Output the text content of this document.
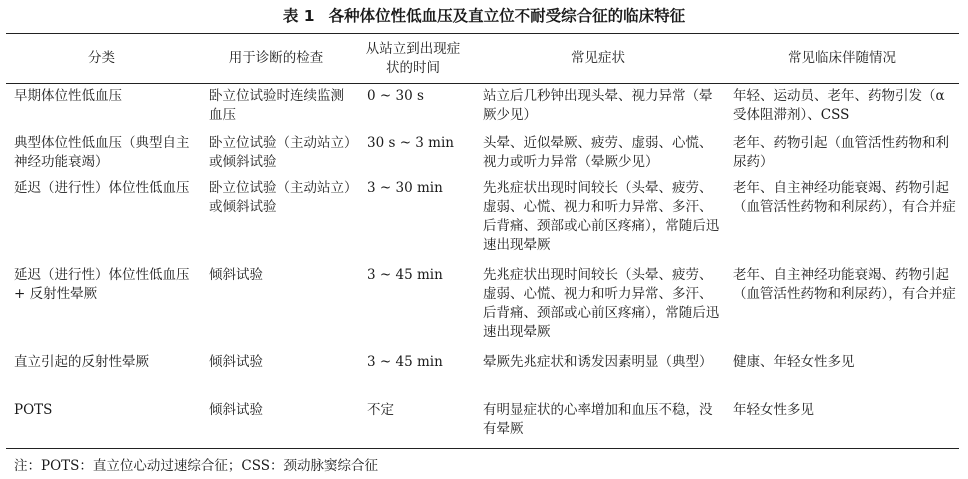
表 1 各种体位性低血压及直立位不耐受综合征的临床特征
分类	用于诊断的检查	从站立到出现症状的时间	常见症状	常见临床伴随情况
早期体位性低血压	卧立位试验时连续监测血压	0 ~ 30 s	站立后几秒钟出现头晕、视力异常（晕厥少见）	年轻、运动员、老年、药物引发（α 受体阻滞剂）、CSS
典型体位性低血压（典型自主神经功能衰竭）	卧立位试验（主动站立）或倾斜试验	30 s ~ 3 min	头晕、近似晕厥、疲劳、虚弱、心慌、视力或听力异常（晕厥少见）	老年、药物引起（血管活性药物和利尿药）
延迟（进行性）体位性低血压	卧立位试验（主动站立）或倾斜试验	3 ~ 30 min	先兆症状出现时间较长（头晕、疲劳、虚弱、心慌、视力和听力异常、多汗、后背痛、颈部或心前区疼痛），常随后迅速出现晕厥	老年、自主神经功能衰竭、药物引起（血管活性药物和利尿药），有合并症
延迟（进行性）体位性低血压 + 反射性晕厥	倾斜试验	3 ~ 45 min	先兆症状出现时间较长（头晕、疲劳、虚弱、心慌、视力和听力异常、多汗、后背痛、颈部或心前区疼痛），常随后迅速出现晕厥	老年、自主神经功能衰竭、药物引起（血管活性药物和利尿药），有合并症
直立引起的反射性晕厥	倾斜试验	3 ~ 45 min	晕厥先兆症状和诱发因素明显（典型）	健康、年轻女性多见
POTS	倾斜试验	不定	有明显症状的心率增加和血压不稳，没有晕厥	年轻女性多见
注：POTS：直立位心动过速综合征；CSS：颈动脉窦综合征
